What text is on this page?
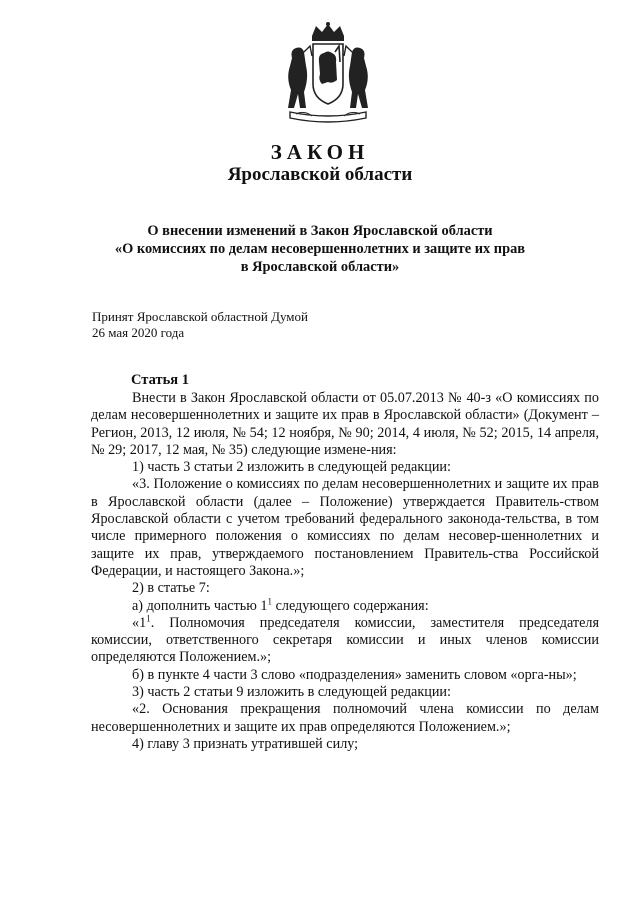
ЗАКОН
Ярославской области
О внесении изменений в Закон Ярославской области
«О комиссиях по делам несовершеннолетних и защите их прав
в Ярославской области»
Принят Ярославской областной Думой
26 мая 2020 года
Статья 1

Внести в Закон Ярославской области от 05.07.2013 № 40-з «О комиссиях по делам несовершеннолетних и защите их прав в Ярославской области» (Документ – Регион, 2013, 12 июля, № 54; 12 ноября, № 90; 2014, 4 июля, № 52; 2015, 14 апреля, № 29; 2017, 12 мая, № 35) следующие измене-ния:

1) часть 3 статьи 2 изложить в следующей редакции:

«3. Положение о комиссиях по делам несовершеннолетних и защите их прав в Ярославской области (далее – Положение) утверждается Правитель-ством Ярославской области с учетом требований федерального законода-тельства, в том числе примерного положения о комиссиях по делам несовер-шеннолетних и защите их прав, утверждаемого постановлением Правитель-ства Российской Федерации, и настоящего Закона.»;

2) в статье 7:

а) дополнить частью $1^1$ следующего содержания:

«$1^1$. Полномочия председателя комиссии, заместителя председателя комиссии, ответственного секретаря комиссии и иных членов комиссии определяются Положением.»;

б) в пункте 4 части 3 слово «подразделения» заменить словом «орга-ны»;

3) часть 2 статьи 9 изложить в следующей редакции:

«2. Основания прекращения полномочий члена комиссии по делам несовершеннолетних и защите их прав определяются Положением.»;

4) главу 3 признать утратившей силу;
